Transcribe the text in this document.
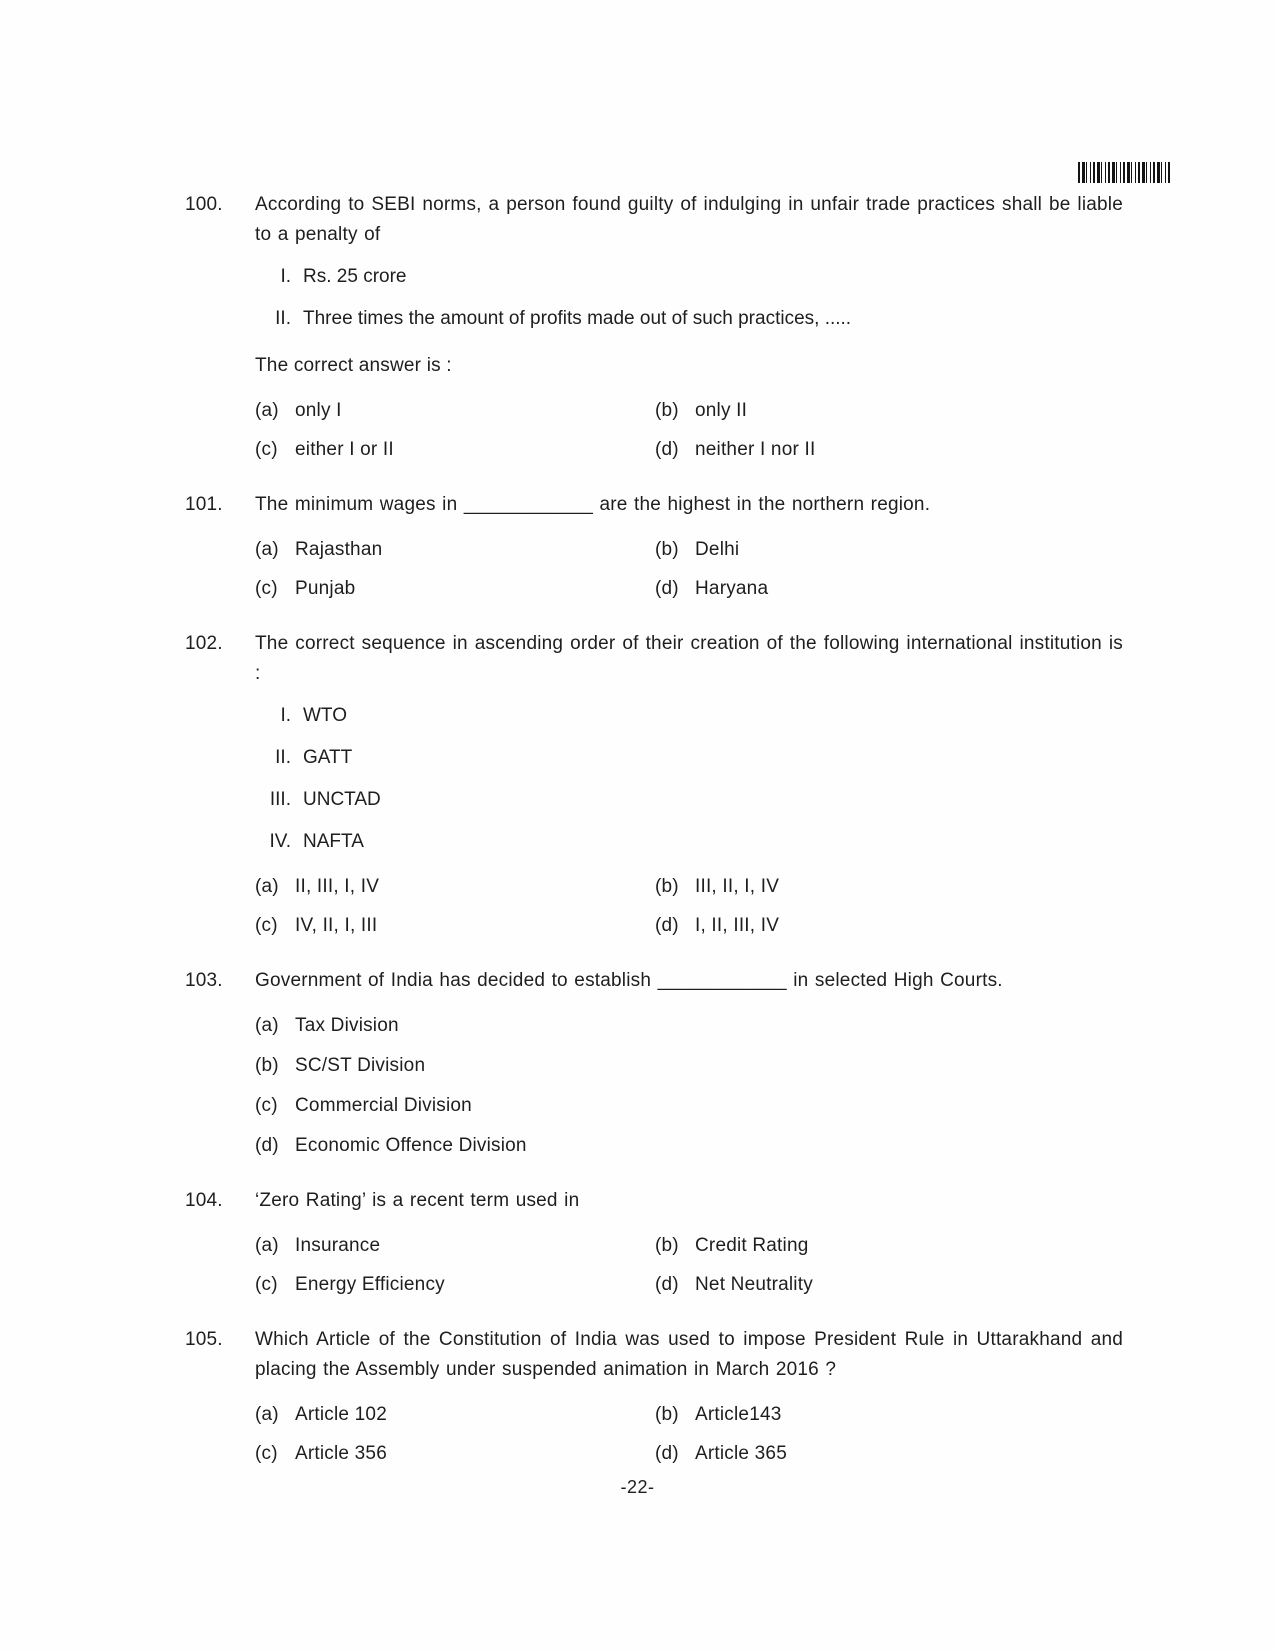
100.	According to SEBI norms, a person found guilty of indulging in unfair trade practices shall be liable to a penalty of
I. Rs. 25 crore
II. Three times the amount of profits made out of such practices, .....
The correct answer is :
(a) only I	(b) only II
(c) either I or II	(d) neither I nor II
101.	The minimum wages in ____________ are the highest in the northern region.
(a) Rajasthan	(b) Delhi
(c) Punjab	(d) Haryana
102.	The correct sequence in ascending order of their creation of the following international institution is :
I. WTO
II. GATT
III. UNCTAD
IV. NAFTA
(a) II, III, I, IV	(b) III, II, I, IV
(c) IV, II, I, III	(d) I, II, III, IV
103.	Government of India has decided to establish ____________ in selected High Courts.
(a) Tax Division
(b) SC/ST Division
(c) Commercial Division
(d) Economic Offence Division
104.	‘Zero Rating’ is a recent term used in
(a) Insurance	(b) Credit Rating
(c) Energy Efficiency	(d) Net Neutrality
105.	Which Article of the Constitution of India was used to impose President Rule in Uttarakhand and placing the Assembly under suspended animation in March 2016 ?
(a) Article 102	(b) Article143
(c) Article 356	(d) Article 365
-22-
